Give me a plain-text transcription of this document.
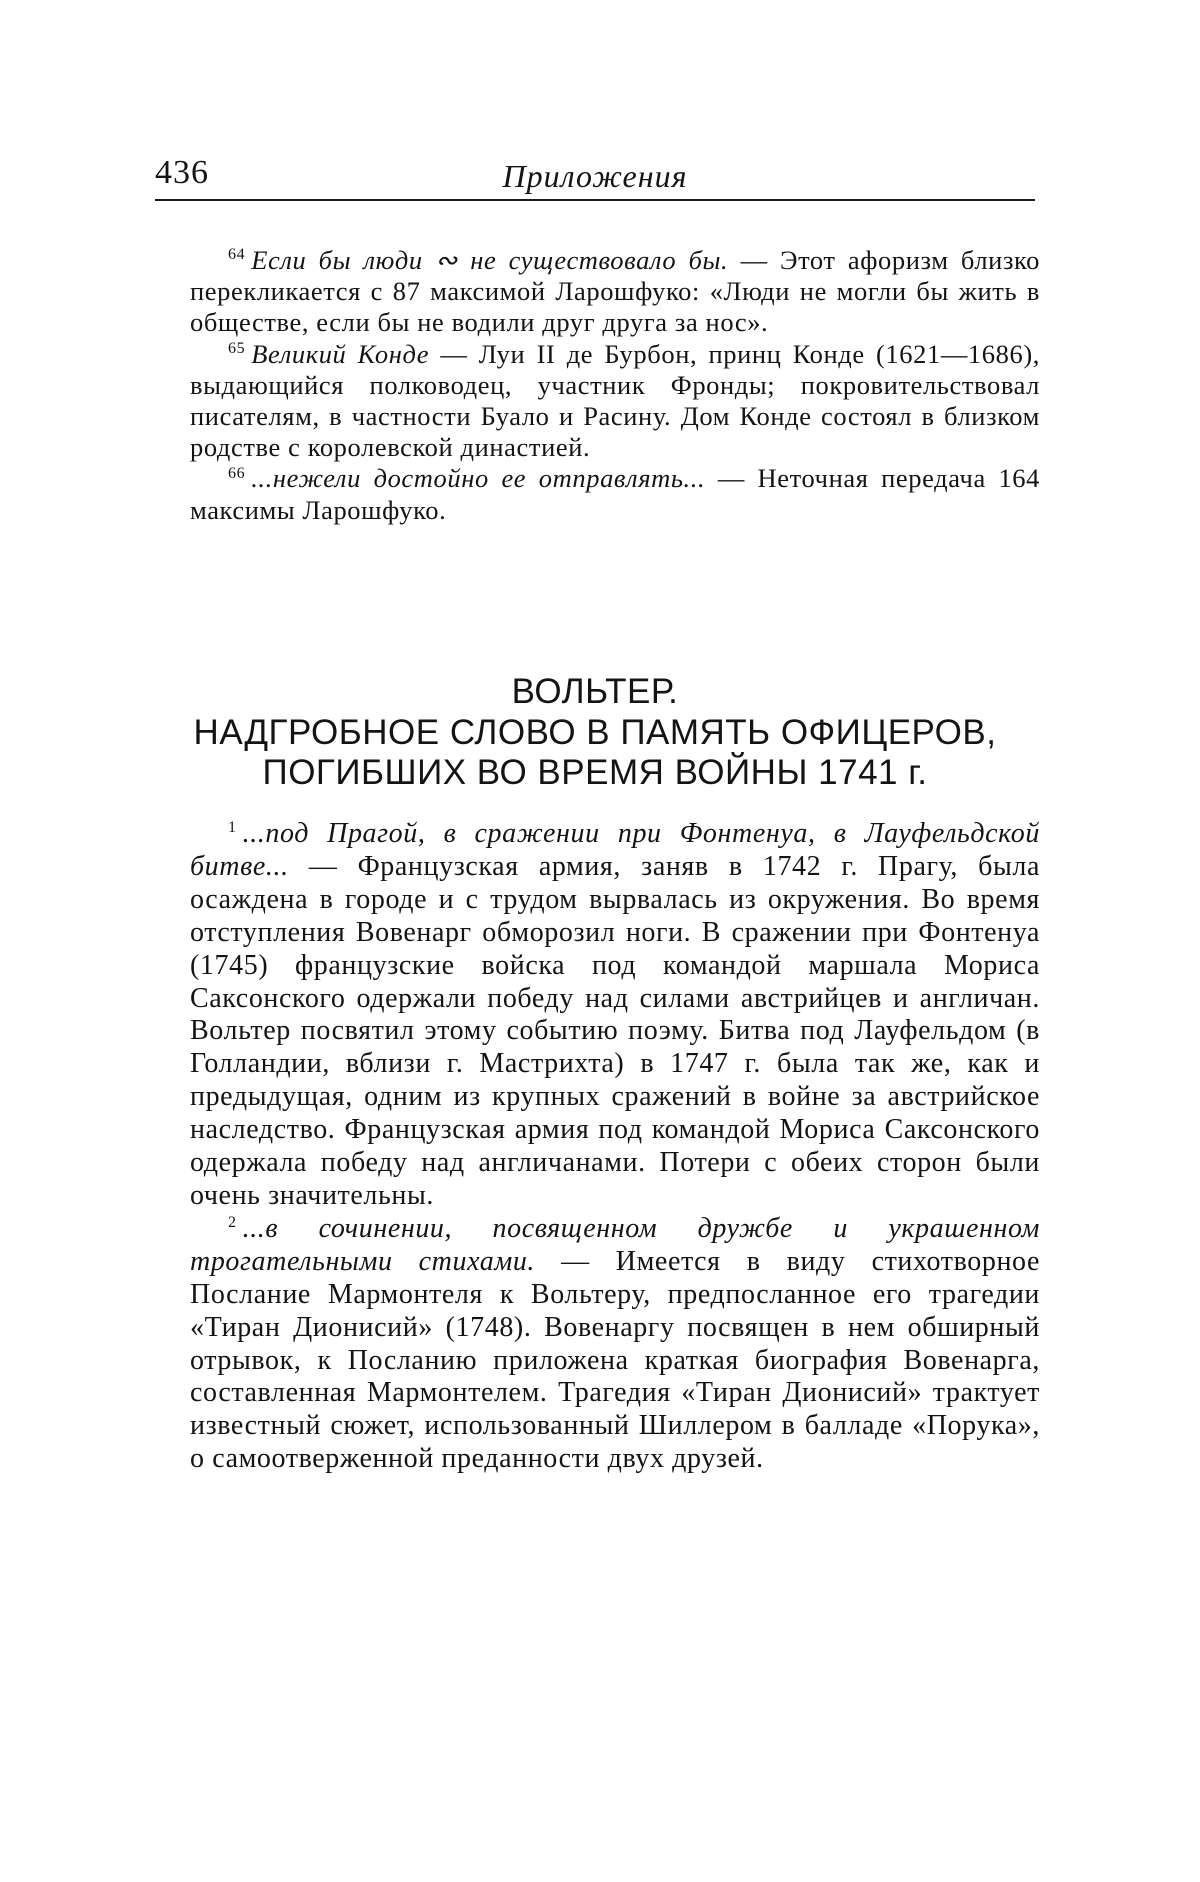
436	Приложения

$^{64}$ Если бы люди ∾ не существовало бы. — Этот афоризм близко перекликается с 87 максимой Ларошфуко: «Люди не могли бы жить в обществе, если бы не водили друг друга за нос».

$^{65}$ Великий Конде — Луи II де Бурбон, принц Конде (1621—1686), выдающийся полководец, участник Фронды; покровительствовал писателям, в частности Буало и Расину. Дом Конде состоял в близком родстве с королевской династией.

$^{66}$ ...нежели достойно ее отправлять... — Неточная передача 164 максимы Ларошфуко.

ВОЛЬТЕР.
НАДГРОБНОЕ СЛОВО В ПАМЯТЬ ОФИЦЕРОВ,
ПОГИБШИХ ВО ВРЕМЯ ВОЙНЫ 1741 г.

$^1$ ...под Прагой, в сражении при Фонтенуа, в Лауфельдской битве... — Французская армия, заняв в 1742 г. Прагу, была осаждена в городе и с трудом вырвалась из окружения. Во время отступления Вовенарг обморозил ноги. В сражении при Фонтенуа (1745) французские войска под командой маршала Мориса Саксонского одержали победу над силами австрийцев и англичан. Вольтер посвятил этому событию поэму. Битва под Лауфельдом (в Голландии, вблизи г. Мастрихта) в 1747 г. была так же, как и предыдущая, одним из крупных сражений в войне за австрийское наследство. Французская армия под командой Мориса Саксонского одержала победу над англичанами. Потери с обеих сторон были очень значительны.

$^2$ ...в сочинении, посвященном дружбе и украшенном трогательными стихами. — Имеется в виду стихотворное Послание Мармонтеля к Вольтеру, предпосланное его трагедии «Тиран Дионисий» (1748). Вовенаргу посвящен в нем обширный отрывок, к Посланию приложена краткая биография Вовенарга, составленная Мармонтелем. Трагедия «Тиран Дионисий» трактует известный сюжет, использованный Шиллером в балладе «Порука», о самоотверженной преданности двух друзей.
